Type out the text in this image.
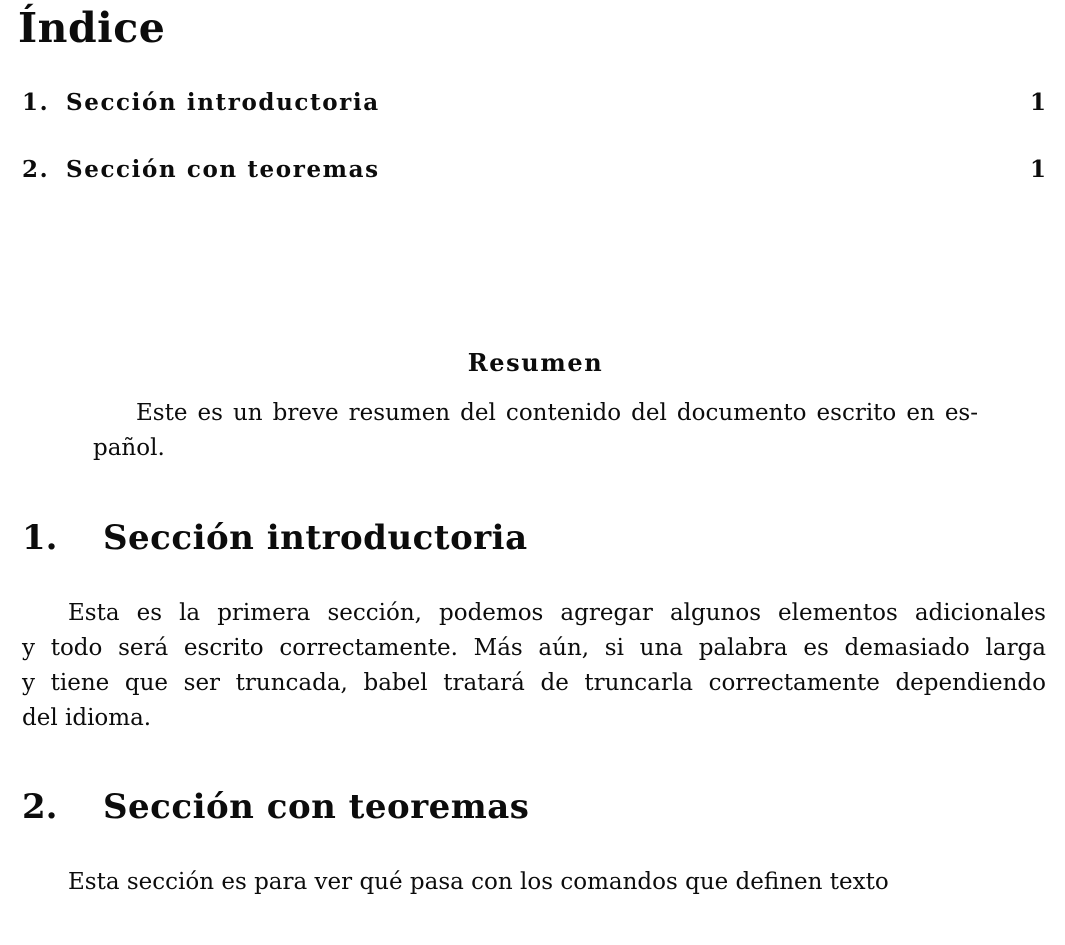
Índice
1. Sección introductoria	1
2. Sección con teoremas	1
Resumen
Este es un breve resumen del contenido del documento escrito en es-
pañol.
1. Sección introductoria
Esta es la primera sección, podemos agregar algunos elementos adicionales
y todo será escrito correctamente. Más aún, si una palabra es demasiado larga
y tiene que ser truncada, babel tratará de truncarla correctamente dependiendo
del idioma.
2. Sección con teoremas
Esta sección es para ver qué pasa con los comandos que definen texto
